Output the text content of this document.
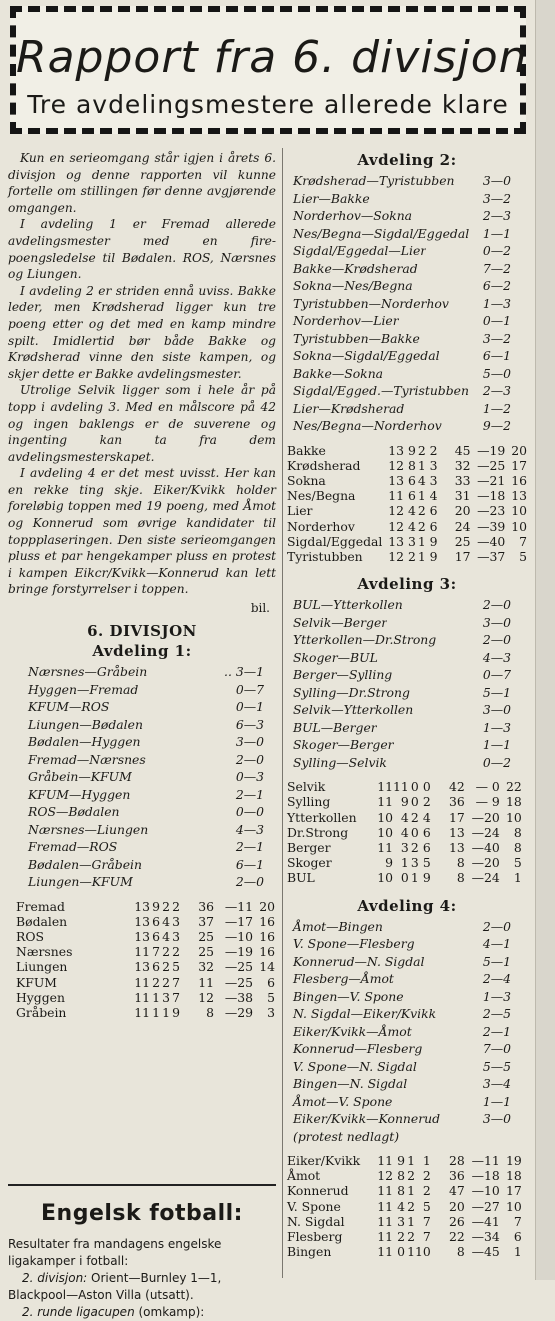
Rapport fra 6. divisjon
Tre avdelingsmestere allerede klare

Kun en serieomgang står igjen i årets 6. divisjon og denne rapporten vil kunne fortelle om stillingen før denne avgjørende omgangen.

I avdeling 1 er Fremad allerede avdelingsmester med en fire-poengsledelse til Bødalen. ROS, Nærsnes og Liungen.

I avdeling 2 er striden ennå uviss. Bakke leder, men Krødsherad ligger kun tre poeng etter og det med en kamp mindre spilt. Imidlertid bør både Bakke og Krødsherad vinne den siste kampen, og skjer dette er Bakke avdelingsmester.

Utrolige Selvik ligger som i hele år på topp i avdeling 3. Med en målscore på 42 og ingen baklengs er de suverene og ingenting kan ta fra dem avdelingsmesterskapet.

I avdeling 4 er det mest uvisst. Her kan en rekke ting skje. Eiker/Kvikk holder foreløbig toppen med 19 poeng, med Åmot og Konnerud som øvrige kandidater til toppplaseringen. Den siste serieomgangen pluss et par hengekamper pluss en protest i kampen Eikcr/Kvikk—Konnerud kan lett bringe forstyrrelser i toppen.

bil.
6. DIVISJON
Avdeling 1:
Nærsnes—Gråbein	.. 3—1
Hyggen—Fremad	0—7
KFUM—ROS	0—1
Liungen—Bødalen	6—3
Bødalen—Hyggen	3—0
Fremad—Nærsnes	2—0
Gråbein—KFUM	0—3
KFUM—Hyggen	2—1
ROS—Bødalen	0—0
Nærsnes—Liungen	4—3
Fremad—ROS	2—1
Bødalen—Gråbein	6—1
Liungen—KFUM	2—0
Fremad	13	9	2	2	36	—11	20
Bødalen	13	6	4	3	37	—17	16
ROS	13	6	4	3	25	—10	16
Nærsnes	11	7	2	2	25	—19	16
Liungen	13	6	2	5	32	—25	14
KFUM	11	2	2	7	11	—25	6
Hyggen	11	1	3	7	12	—38	5
Gråbein	11	1	1	9	8	—29	3
Engelsk fotball:

Resultater fra mandagens engelske ligakamper i fotball:

2. divisjon: Orient—Burnley 1—1, Blackpool—Aston Villa (utsatt).

2. runde ligacupen (omkamp):

Avdeling 2:
Krødsherad—Tyristubben 3—0
Lier—Bakke	3—2
Norderhov—Sokna	2—3
Nes/Begna—Sigdal/Eggedal 1—1
Sigdal/Eggedal—Lier	0—2
Bakke—Krødsherad	7—2
Sokna—Nes/Begna	6—2
Tyristubben—Norderhov	1—3
Norderhov—Lier	0—1
Tyristubben—Bakke	3—2
Sokna—Sigdal/Eggedal	6—1
Bakke—Sokna	5—0
Sigdal/Egged.—Tyristubben 2—3
Lier—Krødsherad	1—2
Nes/Begna—Norderhov	9—2
Bakke	13	9	2	2	45	—19	20
Krødsherad	12	8	1	3	32	—25	17
Sokna	13	6	4	3	33	—21	16
Nes/Begna	11	6	1	4	31	—18	13
Lier	12	4	2	6	20	—23	10
Norderhov	12	4	2	6	24	—39	10
Sigdal/Eggedal	13	3	1	9	25	—40	7
Tyristubben	12	2	1	9	17	—37	5
Avdeling 3:
BUL—Ytterkollen	2—0
Selvik—Berger	3—0
Ytterkollen—Dr.Strong	2—0
Skoger—BUL	4—3
Berger—Sylling	0—7
Sylling—Dr.Strong	5—1
Selvik—Ytterkollen	3—0
BUL—Berger	1—3
Skoger—Berger	1—1
Sylling—Selvik	0—2
Selvik	11	11	0	0	42	— 0	22
Sylling	11	9	0	2	36	— 9	18
Ytterkollen	10	4	2	4	17	—20	10
Dr.Strong	10	4	0	6	13	—24	8
Berger	11	3	2	6	13	—40	8
Skoger	9	1	3	5	8	—20	5
BUL	10	0	1	9	8	—24	1
Avdeling 4:
Åmot—Bingen	2—0
V. Spone—Flesberg	4—1
Konnerud—N. Sigdal	5—1
Flesberg—Åmot	2—4
Bingen—V. Spone	1—3
N. Sigdal—Eiker/Kvikk	2—5
Eiker/Kvikk—Åmot	2—1
Konnerud—Flesberg	7—0
V. Spone—N. Sigdal	5—5
Bingen—N. Sigdal	3—4
Åmot—V. Spone	1—1
Eiker/Kvikk—Konnerud	3—0
(protest nedlagt)
Eiker/Kvikk	11	9	1	1	28	—11	19
Åmot	12	8	2	2	36	—18	18
Konnerud	11	8	1	2	47	—10	17
V. Spone	11	4	2	5	20	—27	10
N. Sigdal	11	3	1	7	26	—41	7
Flesberg	11	2	2	7	22	—34	6
Bingen	11	0	1	10	8	—45	1
